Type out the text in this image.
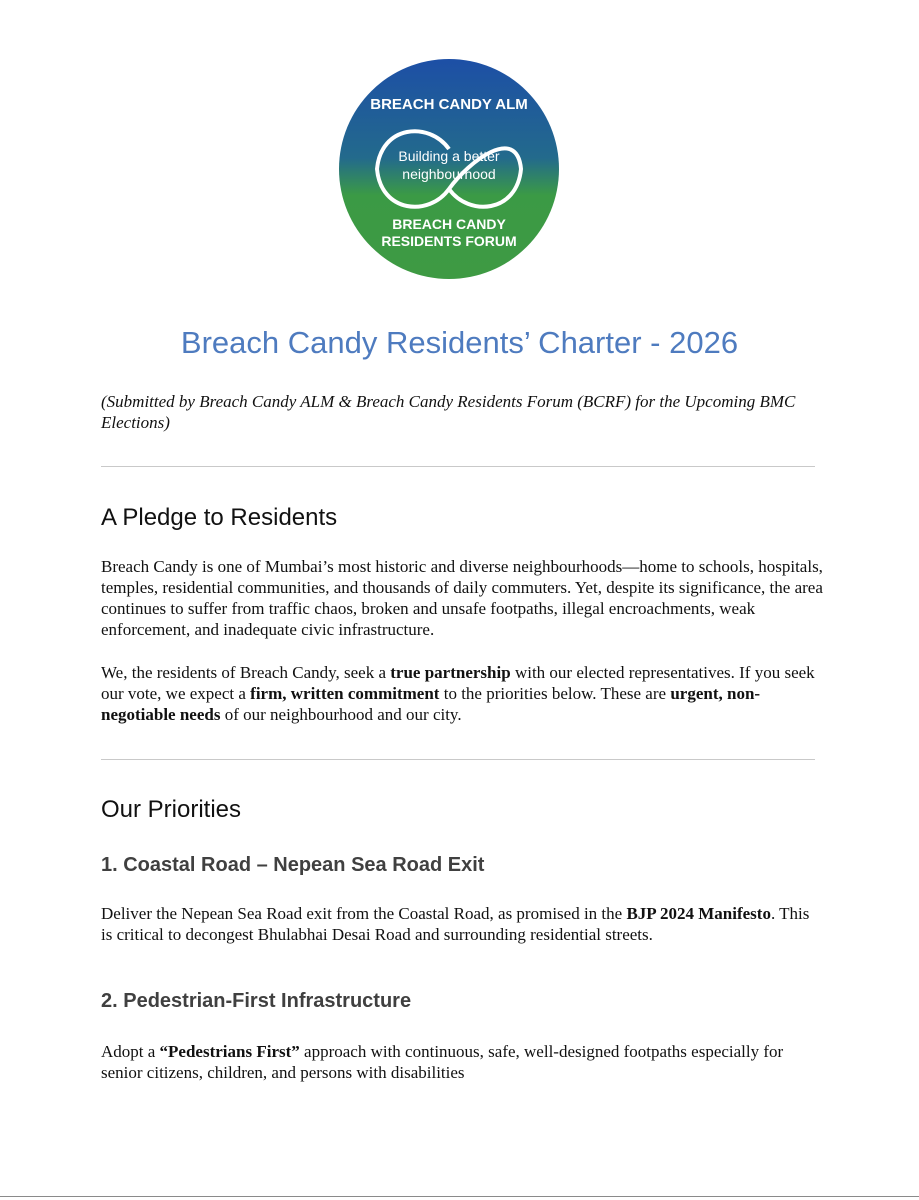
BREACH CANDY ALM
Building a better
neighbourhood
BREACH CANDY
RESIDENTS FORUM
Breach Candy Residents’ Charter - 2026

(Submitted by Breach Candy ALM & Breach Candy Residents Forum (BCRF) for the Upcoming BMC Elections)

A Pledge to Residents

Breach Candy is one of Mumbai’s most historic and diverse neighbourhoods—home to schools, hospitals, temples, residential communities, and thousands of daily commuters. Yet, despite its significance, the area continues to suffer from traffic chaos, broken and unsafe footpaths, illegal encroachments, weak enforcement, and inadequate civic infrastructure.

We, the residents of Breach Candy, seek a true partnership with our elected representatives. If you seek our vote, we expect a firm, written commitment to the priorities below. These are urgent, non-negotiable needs of our neighbourhood and our city.

Our Priorities
1. Coastal Road – Nepean Sea Road Exit

Deliver the Nepean Sea Road exit from the Coastal Road, as promised in the BJP 2024 Manifesto. This is critical to decongest Bhulabhai Desai Road and surrounding residential streets.

2. Pedestrian-First Infrastructure

Adopt a “Pedestrians First” approach with continuous, safe, well-designed footpaths especially for senior citizens, children, and persons with disabilities
